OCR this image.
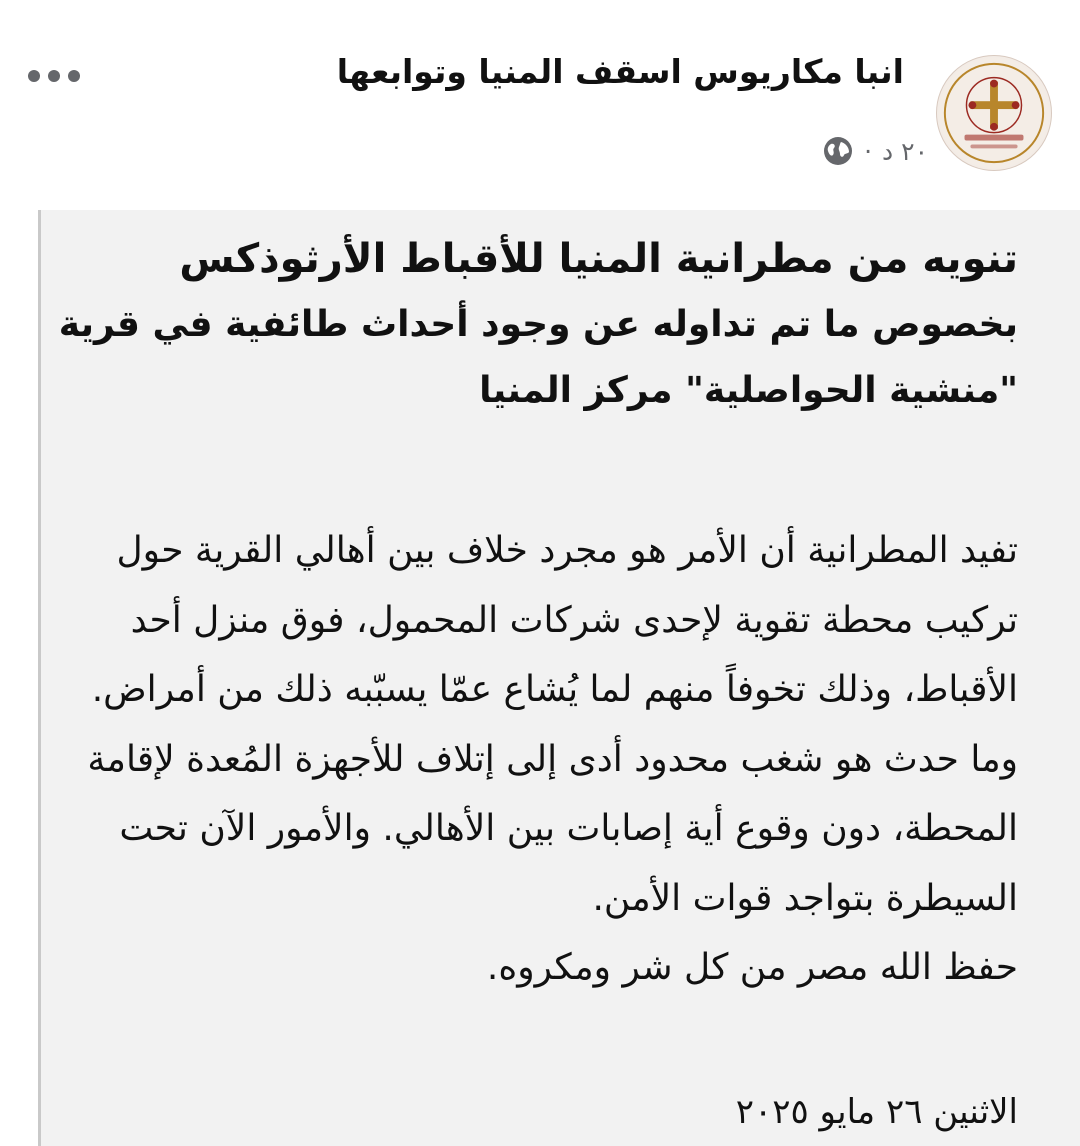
انبا مكاريوس اسقف المنيا وتوابعها
٢٠ د
·
تنويه من مطرانية المنيا للأقباط الأرثوذكس
بخصوص ما تم تداوله عن وجود أحداث طائفية في قرية "منشية الحواصلية" مركز المنيا

تفيد المطرانية أن الأمر هو مجرد خلاف بين أهالي القرية حول تركيب محطة تقوية لإحدى شركات المحمول، فوق منزل أحد الأقباط، وذلك تخوفاً منهم لما يُشاع عمّا يسبّبه ذلك من أمراض. وما حدث هو شغب محدود أدى إلى إتلاف للأجهزة المُعدة لإقامة المحطة، دون وقوع أية إصابات بين الأهالي. والأمور الآن تحت السيطرة بتواجد قوات الأمن.

حفظ الله مصر من كل شر ومكروه.

الاثنين ٢٦ مايو ٢٠٢٥
